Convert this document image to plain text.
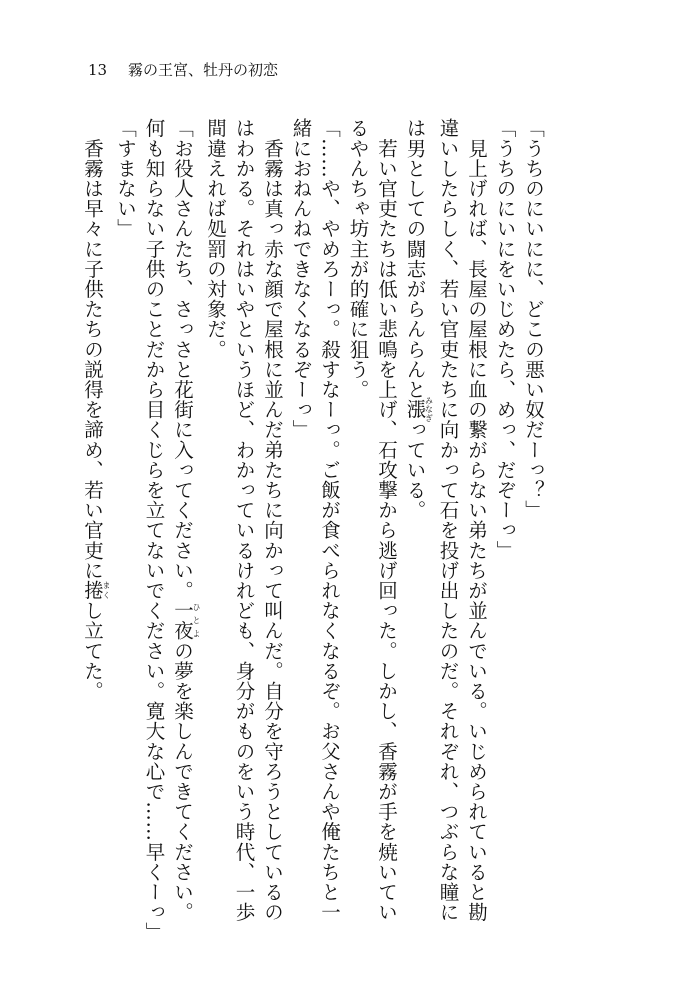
13 霧の王宮、牡丹の初恋

「うちのにいにに、どこの悪い奴だーっ？」

「うちのにいにをいじめたら、めっ、だぞーっ」

　見上げれば、長屋の屋根に血の繋がらない弟たちが並んでいる。いじめられていると勘

違いしたらしく、若い官吏たちに向かって石を投げ出したのだ。それぞれ、つぶらな瞳に

は男としての闘志がらんらんと漲みなぎっている。

　若い官吏たちは低い悲鳴を上げ、石攻撃から逃げ回った。しかし、香霧が手を焼いてい

るやんちゃ坊主が的確に狙う。

「……や、やめろーっ。殺すなーっ。ご飯が食べられなくなるぞ。お父さんや俺たちと一

緒におねんねできなくなるぞーっ」

　香霧は真っ赤な顔で屋根に並んだ弟たちに向かって叫んだ。自分を守ろうとしているの

はわかる。それはいやというほど、わかっているけれども、身分がものをいう時代、一歩

間違えれば処罰の対象だ。

「お役人さんたち、さっさと花街に入ってください。一夜ひとよの夢を楽しんできてください。

何も知らない子供のことだから目くじらを立てないでください。寛大な心で……早くーっ」

「すまない」

　香霧は早々に子供たちの説得を諦め、若い官吏に捲まくし立てた。
